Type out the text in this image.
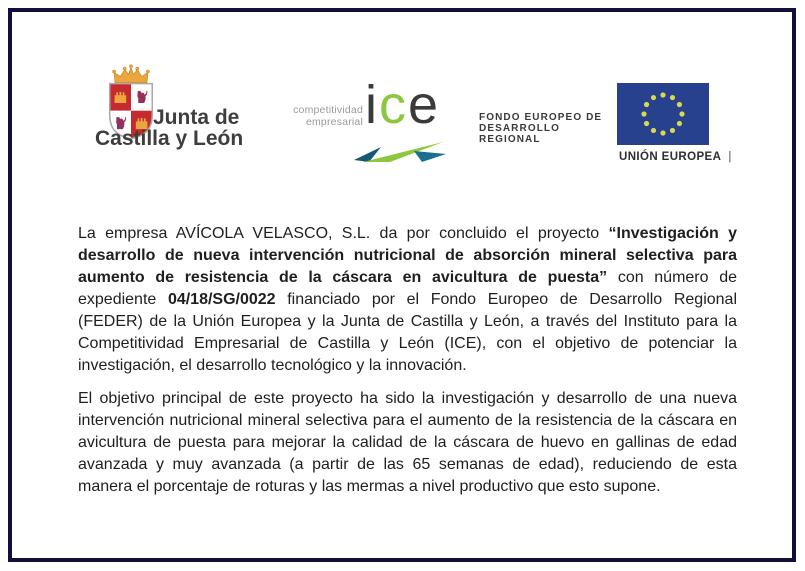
Junta de
Castilla y León
competitividad
empresarial ice	FONDO EUROPEO DE
DESARROLLO
REGIONAL
UNIÓN EUROPEA |

La empresa AVÍCOLA VELASCO, S.L. da por concluido el proyecto “Investigación y desarrollo de nueva intervención nutricional de absorción mineral selectiva para aumento de resistencia de la cáscara en avicultura de puesta” con número de expediente 04/18/SG/0022 financiado por el Fondo Europeo de Desarrollo Regional (FEDER) de la Unión Europea y la Junta de Castilla y León, a través del Instituto para la Competitividad Empresarial de Castilla y León (ICE), con el objetivo de potenciar la investigación, el desarrollo tecnológico y la innovación.

El objetivo principal de este proyecto ha sido la investigación y desarrollo de una nueva intervención nutricional mineral selectiva para el aumento de la resistencia de la cáscara en avicultura de puesta para mejorar la calidad de la cáscara de huevo en gallinas de edad avanzada y muy avanzada (a partir de las 65 semanas de edad), reduciendo de esta manera el porcentaje de roturas y las mermas a nivel productivo que esto supone.
